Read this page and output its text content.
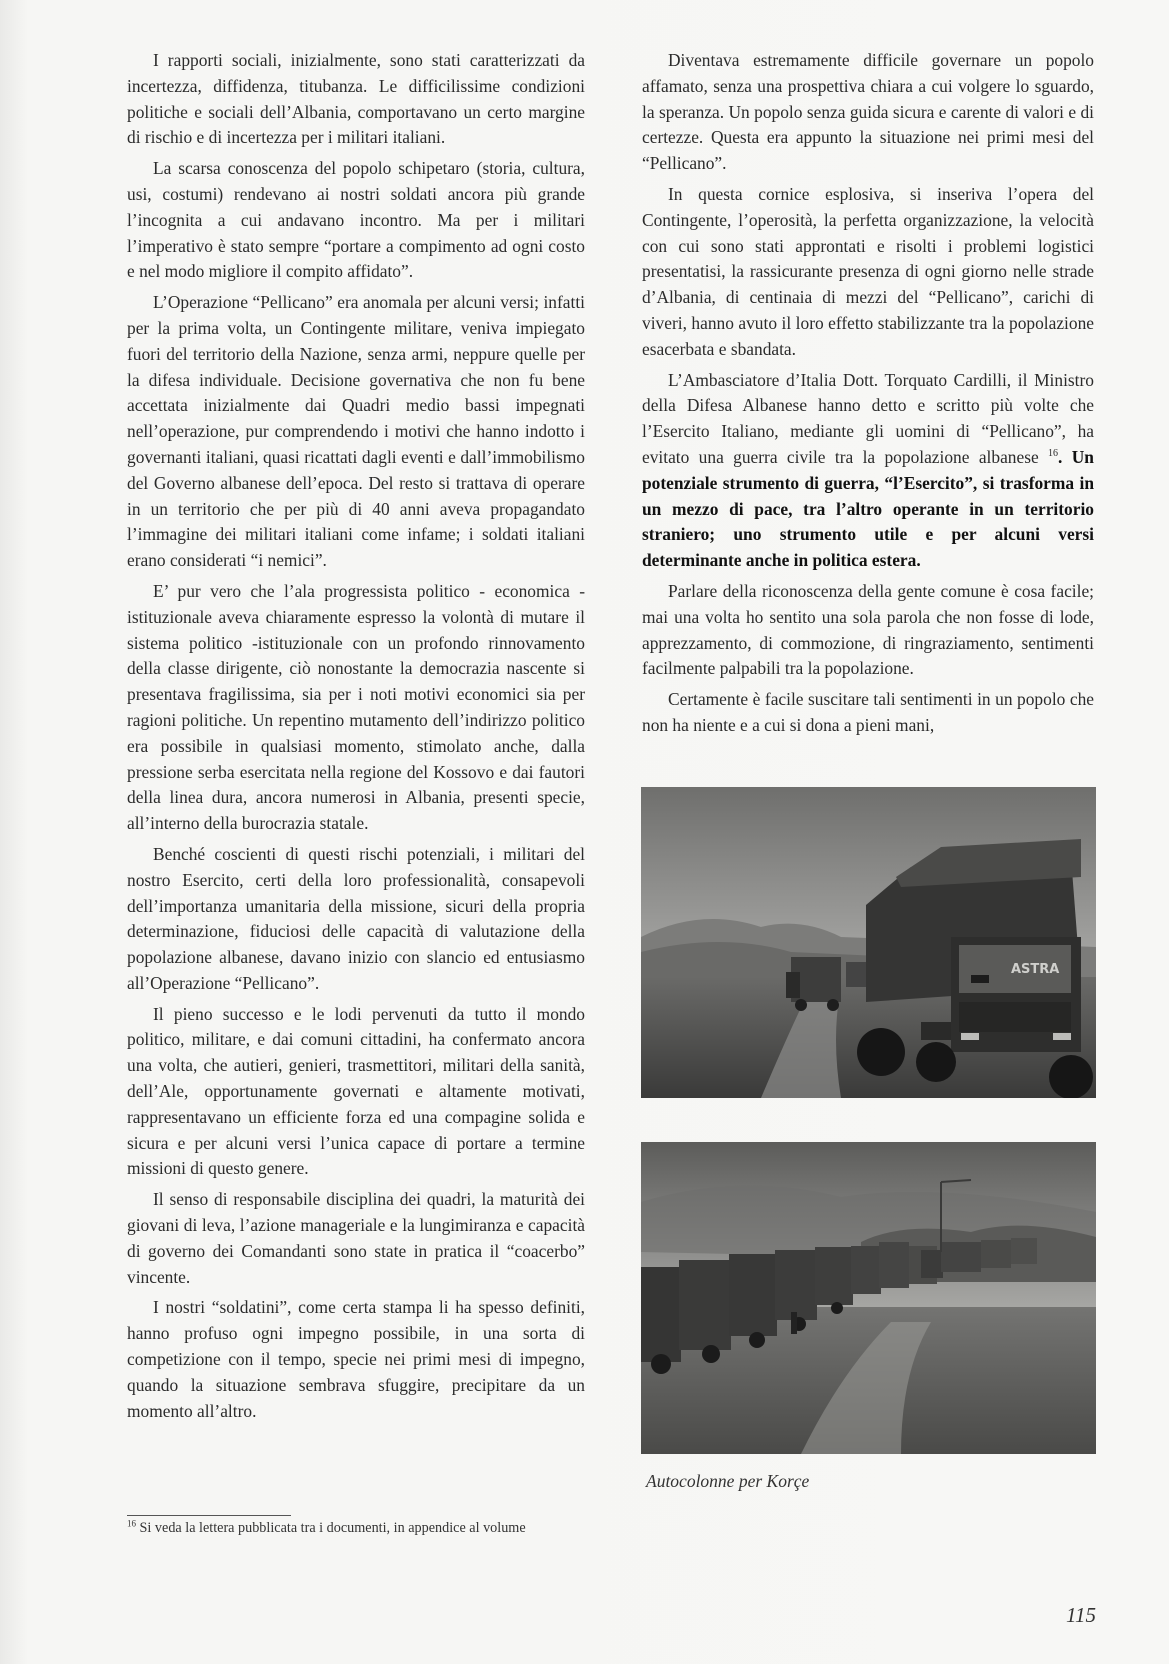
I rapporti sociali, inizialmente, sono stati caratterizzati da incertezza, diffidenza, titubanza. Le difficilissime condizioni politiche e sociali dell’Albania, comportavano un certo margine di rischio e di incertezza per i militari italiani.

La scarsa conoscenza del popolo schipetaro (storia, cultura, usi, costumi) rendevano ai nostri soldati ancora più grande l’incognita a cui andavano incontro. Ma per i militari l’imperativo è stato sempre “portare a compimento ad ogni costo e nel modo migliore il compito affidato”.

L’Operazione “Pellicano” era anomala per alcuni versi; infatti per la prima volta, un Contingente militare, veniva impiegato fuori del territorio della Nazione, senza armi, neppure quelle per la difesa individuale. Decisione governativa che non fu bene accettata inizialmente dai Quadri medio bassi impegnati nell’operazione, pur comprendendo i motivi che hanno indotto i governanti italiani, quasi ricattati dagli eventi e dall’immobilismo del Governo albanese dell’epoca. Del resto si trattava di operare in un territorio che per più di 40 anni aveva propagandato l’immagine dei militari italiani come infame; i soldati italiani erano considerati “i nemici”.

E’ pur vero che l’ala progressista politico - economica - istituzionale aveva chiaramente espresso la volontà di mutare il sistema politico -istituzionale con un profondo rinnovamento della classe dirigente, ciò nonostante la democrazia nascente si presentava fragilissima, sia per i noti motivi economici sia per ragioni politiche. Un repentino mutamento dell’indirizzo politico era possibile in qualsiasi momento, stimolato anche, dalla pressione serba esercitata nella regione del Kossovo e dai fautori della linea dura, ancora numerosi in Albania, presenti specie, all’interno della burocrazia statale.

Benché coscienti di questi rischi potenziali, i militari del nostro Esercito, certi della loro professionalità, consapevoli dell’importanza umanitaria della missione, sicuri della propria determinazione, fiduciosi delle capacità di valutazione della popolazione albanese, davano inizio con slancio ed entusiasmo all’Operazione “Pellicano”.

Il pieno successo e le lodi pervenuti da tutto il mondo politico, militare, e dai comuni cittadini, ha confermato ancora una volta, che autieri, genieri, trasmettitori, militari della sanità, dell’Ale, opportunamente governati e altamente motivati, rappresentavano un efficiente forza ed una compagine solida e sicura e per alcuni versi l’unica capace di portare a termine missioni di questo genere.

Il senso di responsabile disciplina dei quadri, la maturità dei giovani di leva, l’azione manageriale e la lungimiranza e capacità di governo dei Comandanti sono state in pratica il “coacerbo” vincente.

I nostri “soldatini”, come certa stampa li ha spesso definiti, hanno profuso ogni impegno possibile, in una sorta di competizione con il tempo, specie nei primi mesi di impegno, quando la situazione sembrava sfuggire, precipitare da un momento all’altro.

Diventava estremamente difficile governare un popolo affamato, senza una prospettiva chiara a cui volgere lo sguardo, la speranza. Un popolo senza guida sicura e carente di valori e di certezze. Questa era appunto la situazione nei primi mesi del “Pellicano”.

In questa cornice esplosiva, si inseriva l’opera del Contingente, l’operosità, la perfetta organizzazione, la velocità con cui sono stati approntati e risolti i problemi logistici presentatisi, la rassicurante presenza di ogni giorno nelle strade d’Albania, di centinaia di mezzi del “Pellicano”, carichi di viveri, hanno avuto il loro effetto stabilizzante tra la popolazione esacerbata e sbandata.

L’Ambasciatore d’Italia Dott. Torquato Cardilli, il Ministro della Difesa Albanese hanno detto e scritto più volte che l’Esercito Italiano, mediante gli uomini di “Pellicano”, ha evitato una guerra civile tra la popolazione albanese $^{16}$. Un potenziale strumento di guerra, “l’Esercito”, si trasforma in un mezzo di pace, tra l’altro operante in un territorio straniero; uno strumento utile e per alcuni versi determinante anche in politica estera.

Parlare della riconoscenza della gente comune è cosa facile; mai una volta ho sentito una sola parola che non fosse di lode, apprezzamento, di commozione, di ringraziamento, sentimenti facilmente palpabili tra la popolazione.

Certamente è facile suscitare tali sentimenti in un popolo che non ha niente e a cui si dona a pieni mani,

ASTRA
Autocolonne per Korçe
$^{16}$ Si veda la lettera pubblicata tra i documenti, in appendice al volume
115
